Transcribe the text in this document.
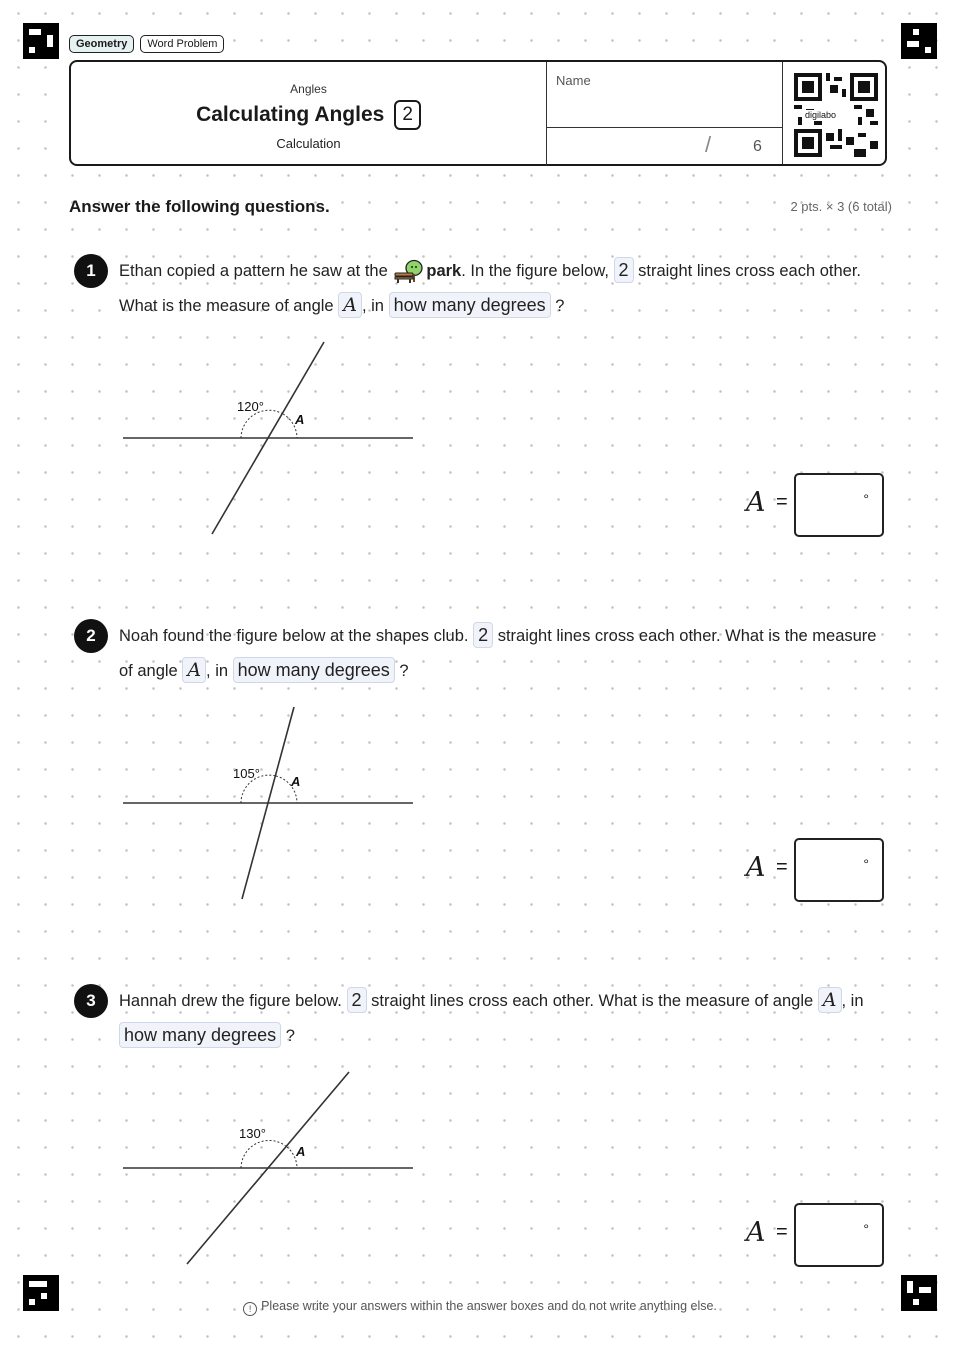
Geometry	Word Problem
Angles
Calculating Angles 2
Calculation
Name
/	6
digilabo
Answer the following questions.	2 pts. × 3 (6 total)
1	Ethan copied a pattern he saw at the park. In the figure below, 2 straight lines cross each other. What is the measure of angle A , in how many degrees ?
120°
A
A =	°
2	Noah found the figure below at the shapes club. 2 straight lines cross each other. What is the measure of angle A , in how many degrees ?
105°
A
A =	°
3	Hannah drew the figure below. 2 straight lines cross each other. What is the measure of angle A , in how many degrees ?
130°
A
A =	°
! Please write your answers within the answer boxes and do not write anything else.
